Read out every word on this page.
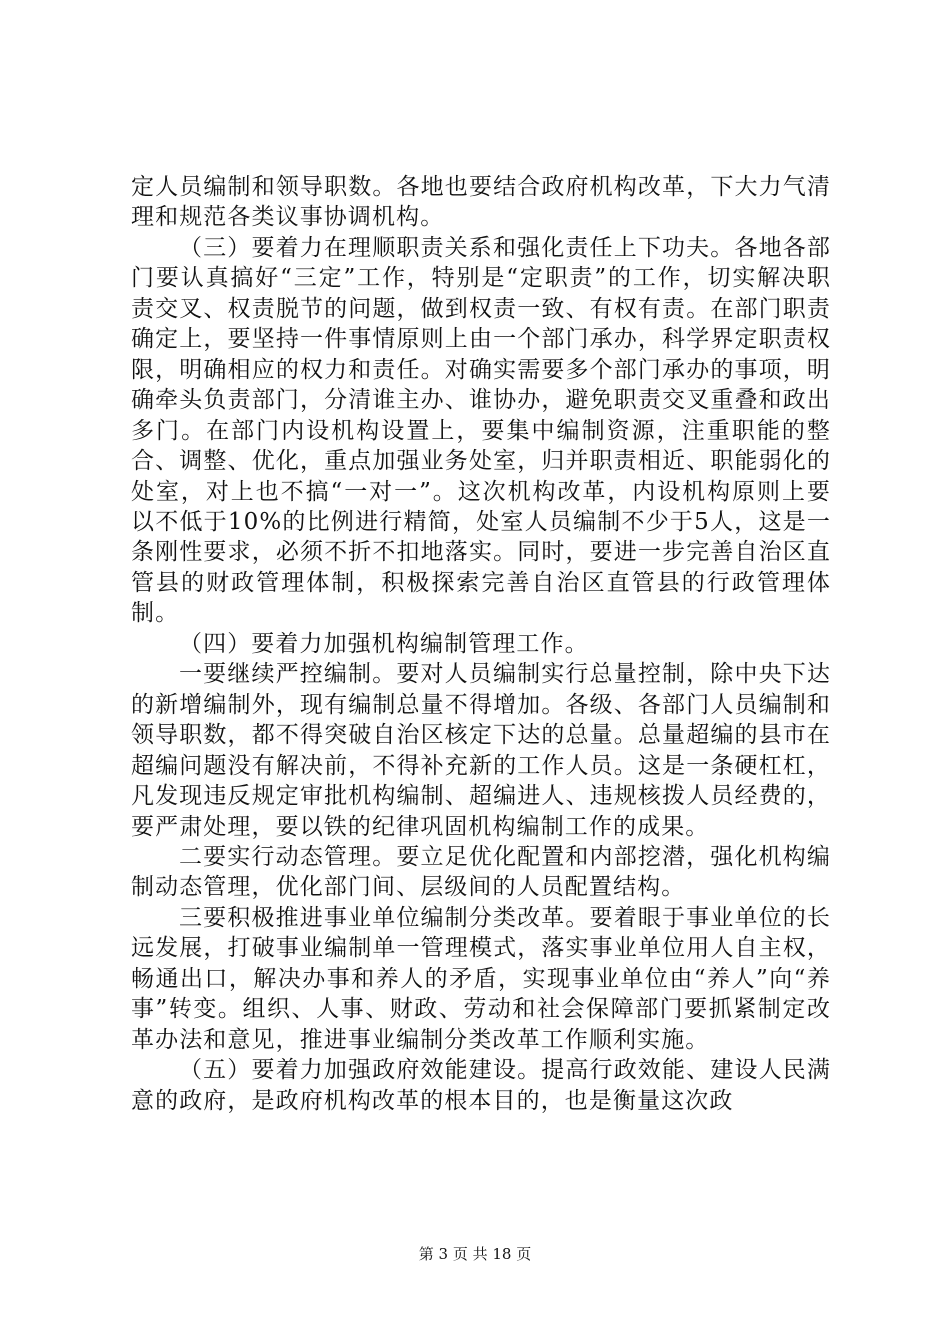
定人员编制和领导职数。各地也要结合政府机构改革，下大力气清理和规范各类议事协调机构。

（三）要着力在理顺职责关系和强化责任上下功夫。各地各部门要认真搞好“三定”工作，特别是“定职责”的工作，切实解决职责交叉、权责脱节的问题，做到权责一致、有权有责。在部门职责确定上，要坚持一件事情原则上由一个部门承办，科学界定职责权限，明确相应的权力和责任。对确实需要多个部门承办的事项，明确牵头负责部门，分清谁主办、谁协办，避免职责交叉重叠和政出多门。在部门内设机构设置上，要集中编制资源，注重职能的整合、调整、优化，重点加强业务处室，归并职责相近、职能弱化的处室，对上也不搞“一对一”。这次机构改革，内设机构原则上要以不低于10%的比例进行精简，处室人员编制不少于5人，这是一条刚性要求，必须不折不扣地落实。同时，要进一步完善自治区直管县的财政管理体制，积极探索完善自治区直管县的行政管理体制。

（四）要着力加强机构编制管理工作。

一要继续严控编制。要对人员编制实行总量控制，除中央下达的新增编制外，现有编制总量不得增加。各级、各部门人员编制和领导职数，都不得突破自治区核定下达的总量。总量超编的县市在超编问题没有解决前，不得补充新的工作人员。这是一条硬杠杠，凡发现违反规定审批机构编制、超编进人、违规核拨人员经费的，要严肃处理，要以铁的纪律巩固机构编制工作的成果。

二要实行动态管理。要立足优化配置和内部挖潜，强化机构编制动态管理，优化部门间、层级间的人员配置结构。

三要积极推进事业单位编制分类改革。要着眼于事业单位的长远发展，打破事业编制单一管理模式，落实事业单位用人自主权，畅通出口，解决办事和养人的矛盾，实现事业单位由“养人”向“养事”转变。组织、人事、财政、劳动和社会保障部门要抓紧制定改革办法和意见，推进事业编制分类改革工作顺利实施。

（五）要着力加强政府效能建设。提高行政效能、建设人民满意的政府，是政府机构改革的根本目的，也是衡量这次政

第 3 页 共 18 页
